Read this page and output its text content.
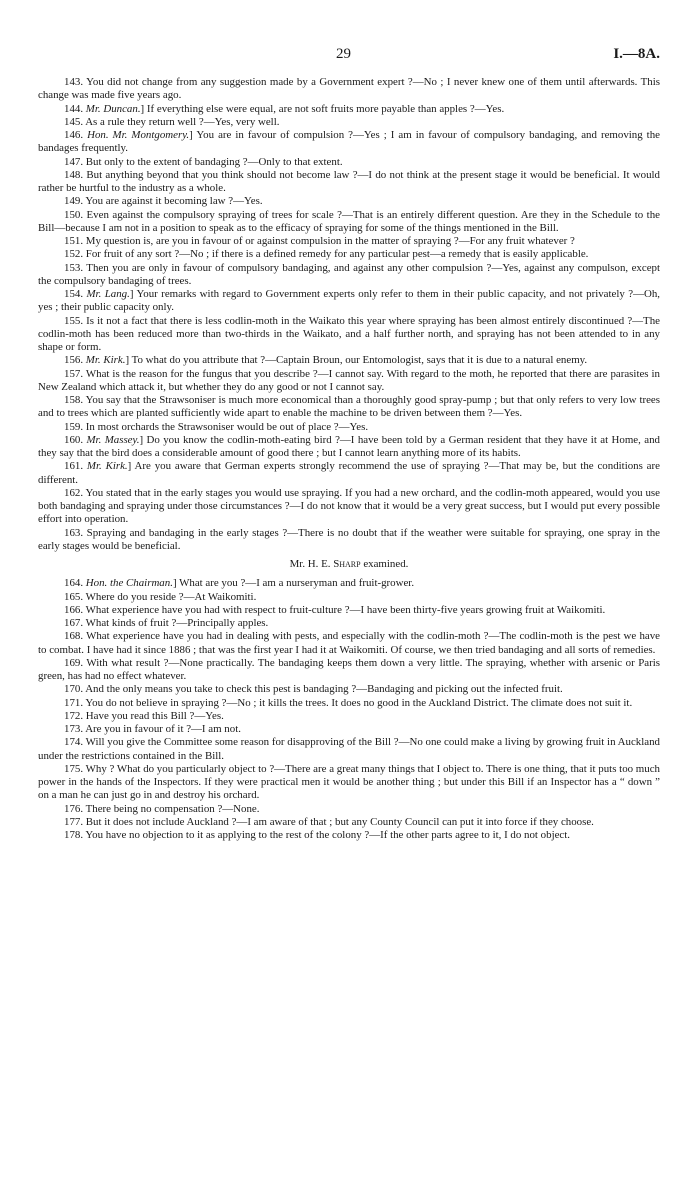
29	I.—8A.

143. You did not change from any suggestion made by a Government expert ?—No ; I never knew one of them until afterwards. This change was made five years ago.

144. Mr. Duncan.] If everything else were equal, are not soft fruits more payable than apples ?—Yes.

145. As a rule they return well ?—Yes, very well.

146. Hon. Mr. Montgomery.] You are in favour of compulsion ?—Yes ; I am in favour of compulsory bandaging, and removing the bandages frequently.

147. But only to the extent of bandaging ?—Only to that extent.

148. But anything beyond that you think should not become law ?—I do not think at the present stage it would be beneficial. It would rather be hurtful to the industry as a whole.

149. You are against it becoming law ?—Yes.

150. Even against the compulsory spraying of trees for scale ?—That is an entirely different question. Are they in the Schedule to the Bill—because I am not in a position to speak as to the efficacy of spraying for some of the things mentioned in the Bill.

151. My question is, are you in favour of or against compulsion in the matter of spraying ?—For any fruit whatever ?

152. For fruit of any sort ?—No ; if there is a defined remedy for any particular pest—a remedy that is easily applicable.

153. Then you are only in favour of compulsory bandaging, and against any other compulsion ?—Yes, against any compulson, except the compulsory bandaging of trees.

154. Mr. Lang.] Your remarks with regard to Government experts only refer to them in their public capacity, and not privately ?—Oh, yes ; their public capacity only.

155. Is it not a fact that there is less codlin-moth in the Waikato this year where spraying has been almost entirely discontinued ?—The codlin-moth has been reduced more than two-thirds in the Waikato, and a half further north, and spraying has not been attended to in any shape or form.

156. Mr. Kirk.] To what do you attribute that ?—Captain Broun, our Entomologist, says that it is due to a natural enemy.

157. What is the reason for the fungus that you describe ?—I cannot say. With regard to the moth, he reported that there are parasites in New Zealand which attack it, but whether they do any good or not I cannot say.

158. You say that the Strawsoniser is much more economical than a thoroughly good spray-pump ; but that only refers to very low trees and to trees which are planted sufficiently wide apart to enable the machine to be driven between them ?—Yes.

159. In most orchards the Strawsoniser would be out of place ?—Yes.

160. Mr. Massey.] Do you know the codlin-moth-eating bird ?—I have been told by a German resident that they have it at Home, and they say that the bird does a considerable amount of good there ; but I cannot learn anything more of its habits.

161. Mr. Kirk.] Are you aware that German experts strongly recommend the use of spraying ?—That may be, but the conditions are different.

162. You stated that in the early stages you would use spraying. If you had a new orchard, and the codlin-moth appeared, would you use both bandaging and spraying under those circumstances ?—I do not know that it would be a very great success, but I would put every possible effort into operation.

163. Spraying and bandaging in the early stages ?—There is no doubt that if the weather were suitable for spraying, one spray in the early stages would be beneficial.

Mr. H. E. Sharp examined.

164. Hon. the Chairman.] What are you ?—I am a nurseryman and fruit-grower.

165. Where do you reside ?—At Waikomiti.

166. What experience have you had with respect to fruit-culture ?—I have been thirty-five years growing fruit at Waikomiti.

167. What kinds of fruit ?—Principally apples.

168. What experience have you had in dealing with pests, and especially with the codlin-moth ?—The codlin-moth is the pest we have to combat. I have had it since 1886 ; that was the first year I had it at Waikomiti. Of course, we then tried bandaging and all sorts of remedies.

169. With what result ?—None practically. The bandaging keeps them down a very little. The spraying, whether with arsenic or Paris green, has had no effect whatever.

170. And the only means you take to check this pest is bandaging ?—Bandaging and picking out the infected fruit.

171. You do not believe in spraying ?—No ; it kills the trees. It does no good in the Auckland District. The climate does not suit it.

172. Have you read this Bill ?—Yes.

173. Are you in favour of it ?—I am not.

174. Will you give the Committee some reason for disapproving of the Bill ?—No one could make a living by growing fruit in Auckland under the restrictions contained in the Bill.

175. Why ? What do you particularly object to ?—There are a great many things that I object to. There is one thing, that it puts too much power in the hands of the Inspectors. If they were practical men it would be another thing ; but under this Bill if an Inspector has a “ down ” on a man he can just go in and destroy his orchard.

176. There being no compensation ?—None.

177. But it does not include Auckland ?—I am aware of that ; but any County Council can put it into force if they choose.

178. You have no objection to it as applying to the rest of the colony ?—If the other parts agree to it, I do not object.
